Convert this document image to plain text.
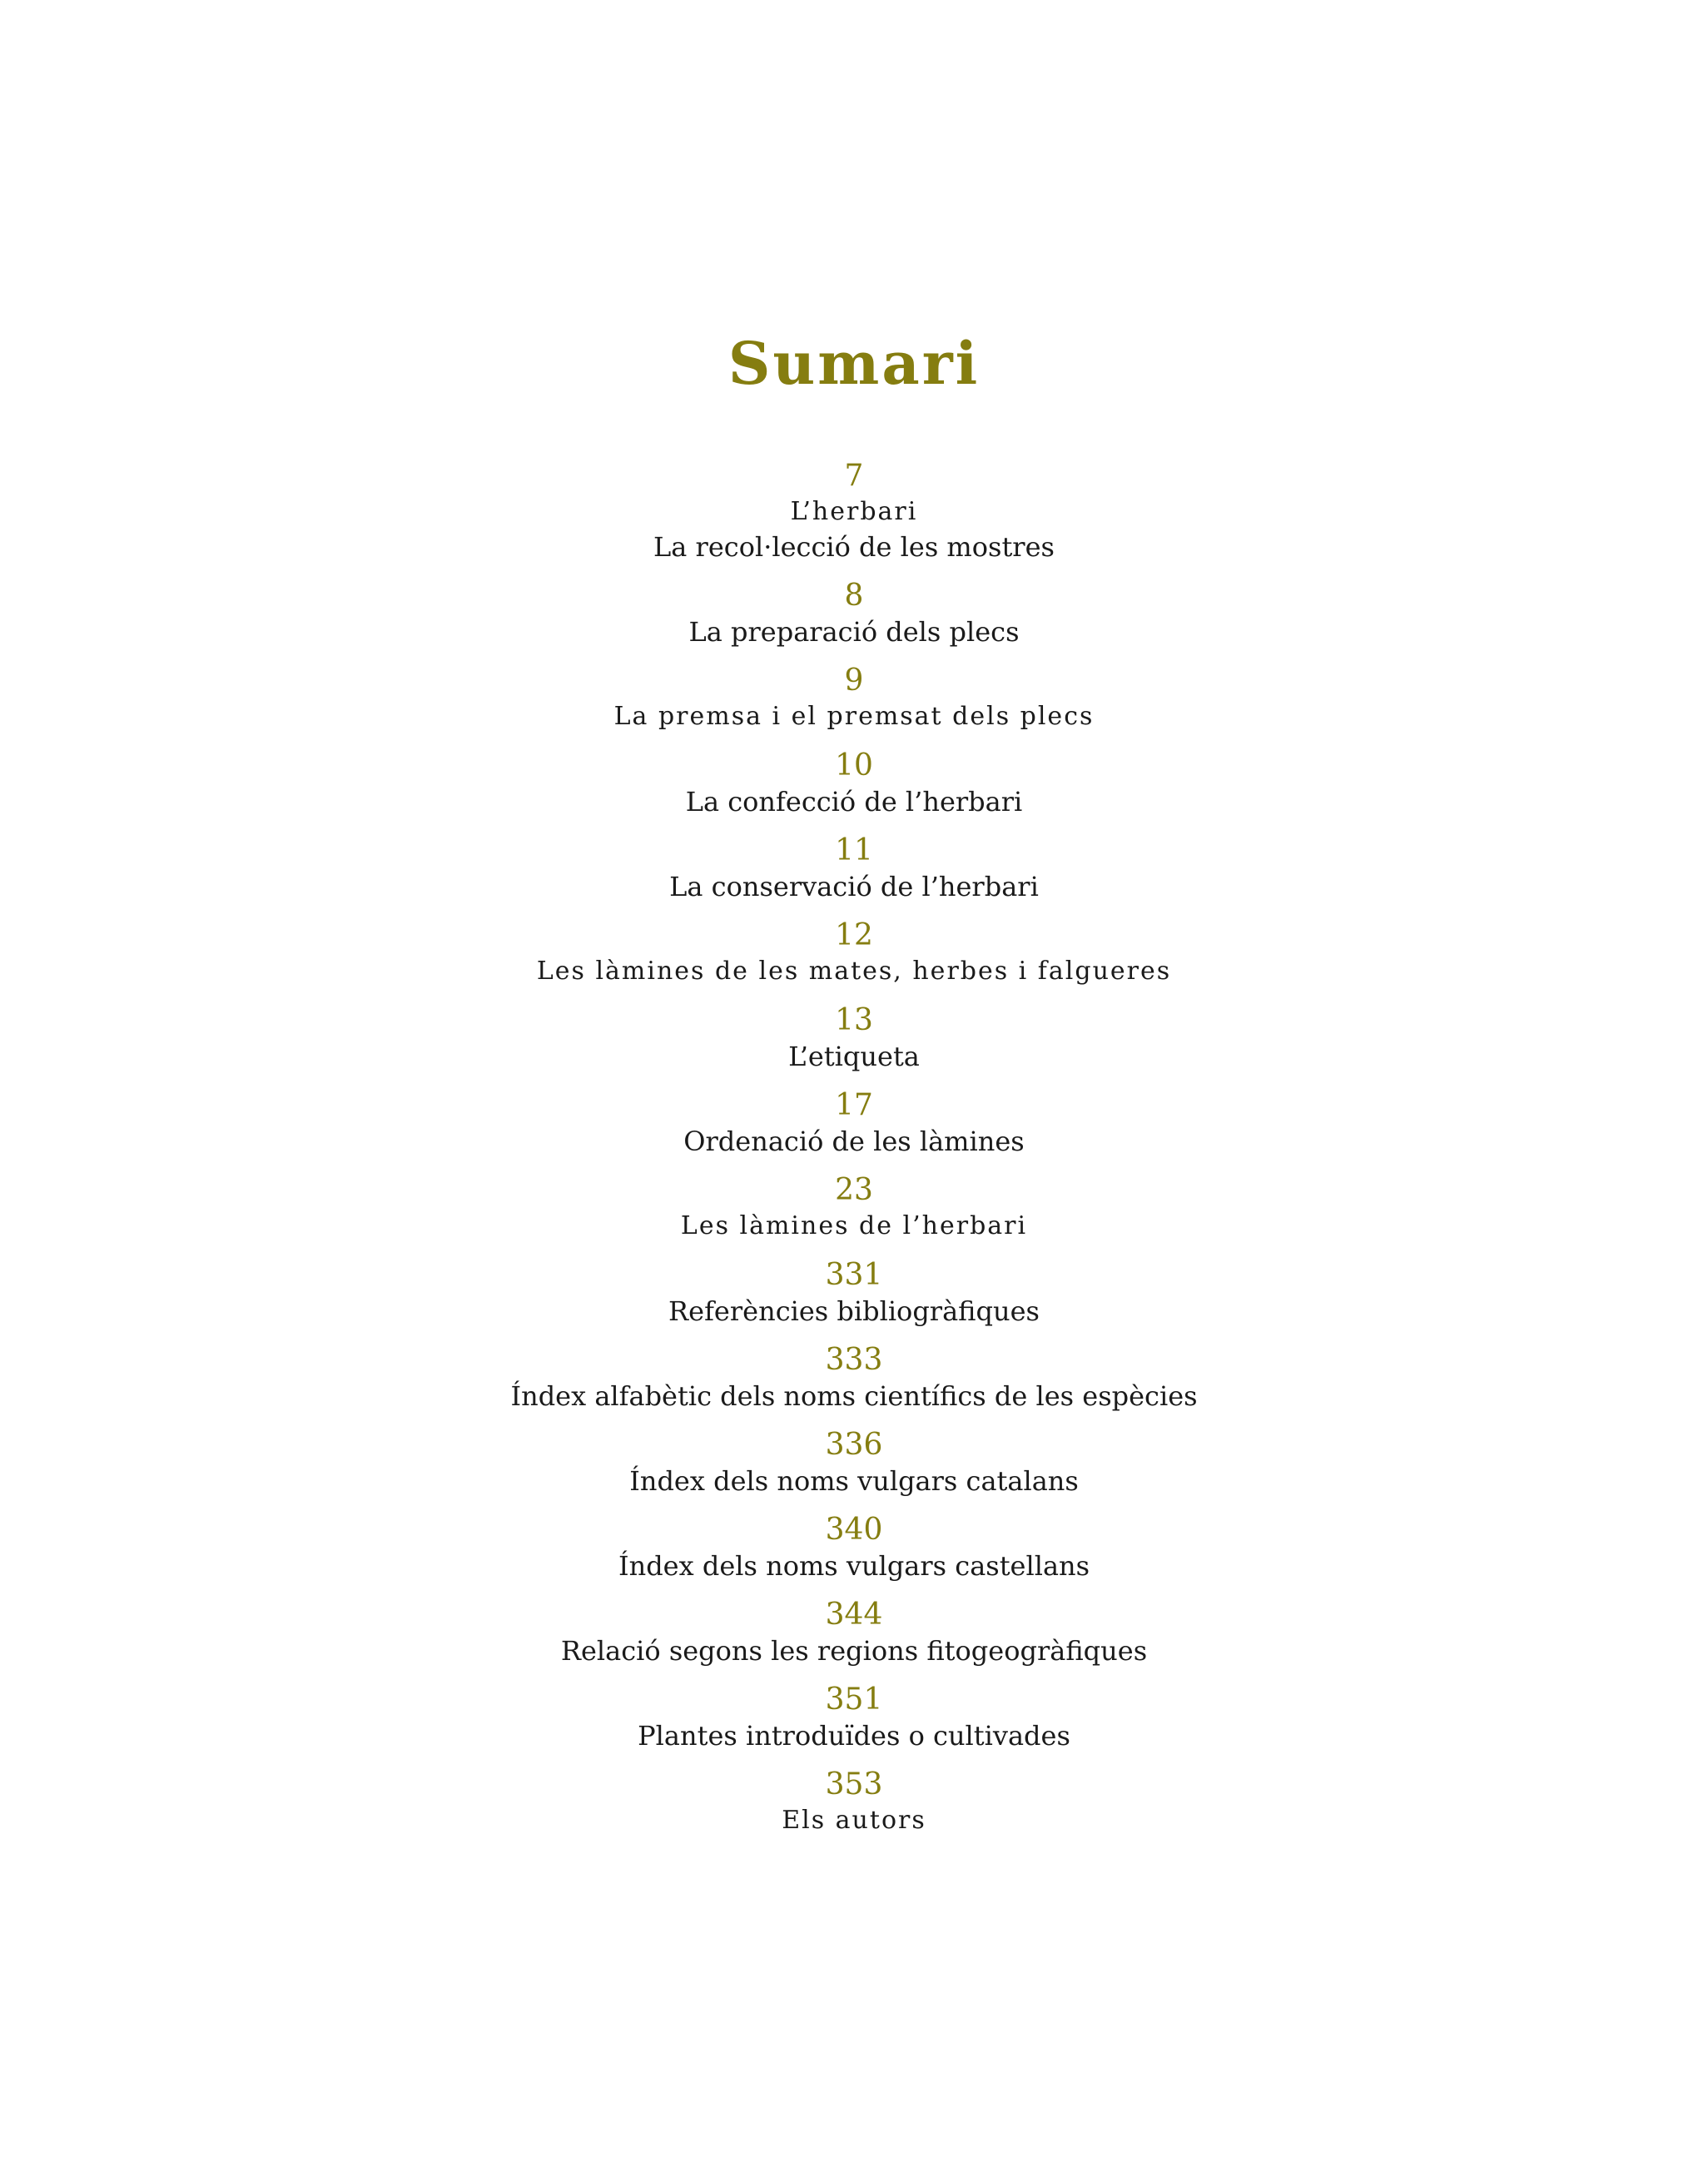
Sumari
7
L’herbari
La recol·lecció de les mostres
8
La preparació dels plecs
9
La premsa i el premsat dels plecs
10
La confecció de l’herbari
11
La conservació de l’herbari
12
Les làmines de les mates, herbes i falgueres
13
L’etiqueta
17
Ordenació de les làmines
23
Les làmines de l’herbari
331
Referències bibliogràfiques
333
Índex alfabètic dels noms científics de les espècies
336
Índex dels noms vulgars catalans
340
Índex dels noms vulgars castellans
344
Relació segons les regions fitogeogràfiques
351
Plantes introduïdes o cultivades
353
Els autors
